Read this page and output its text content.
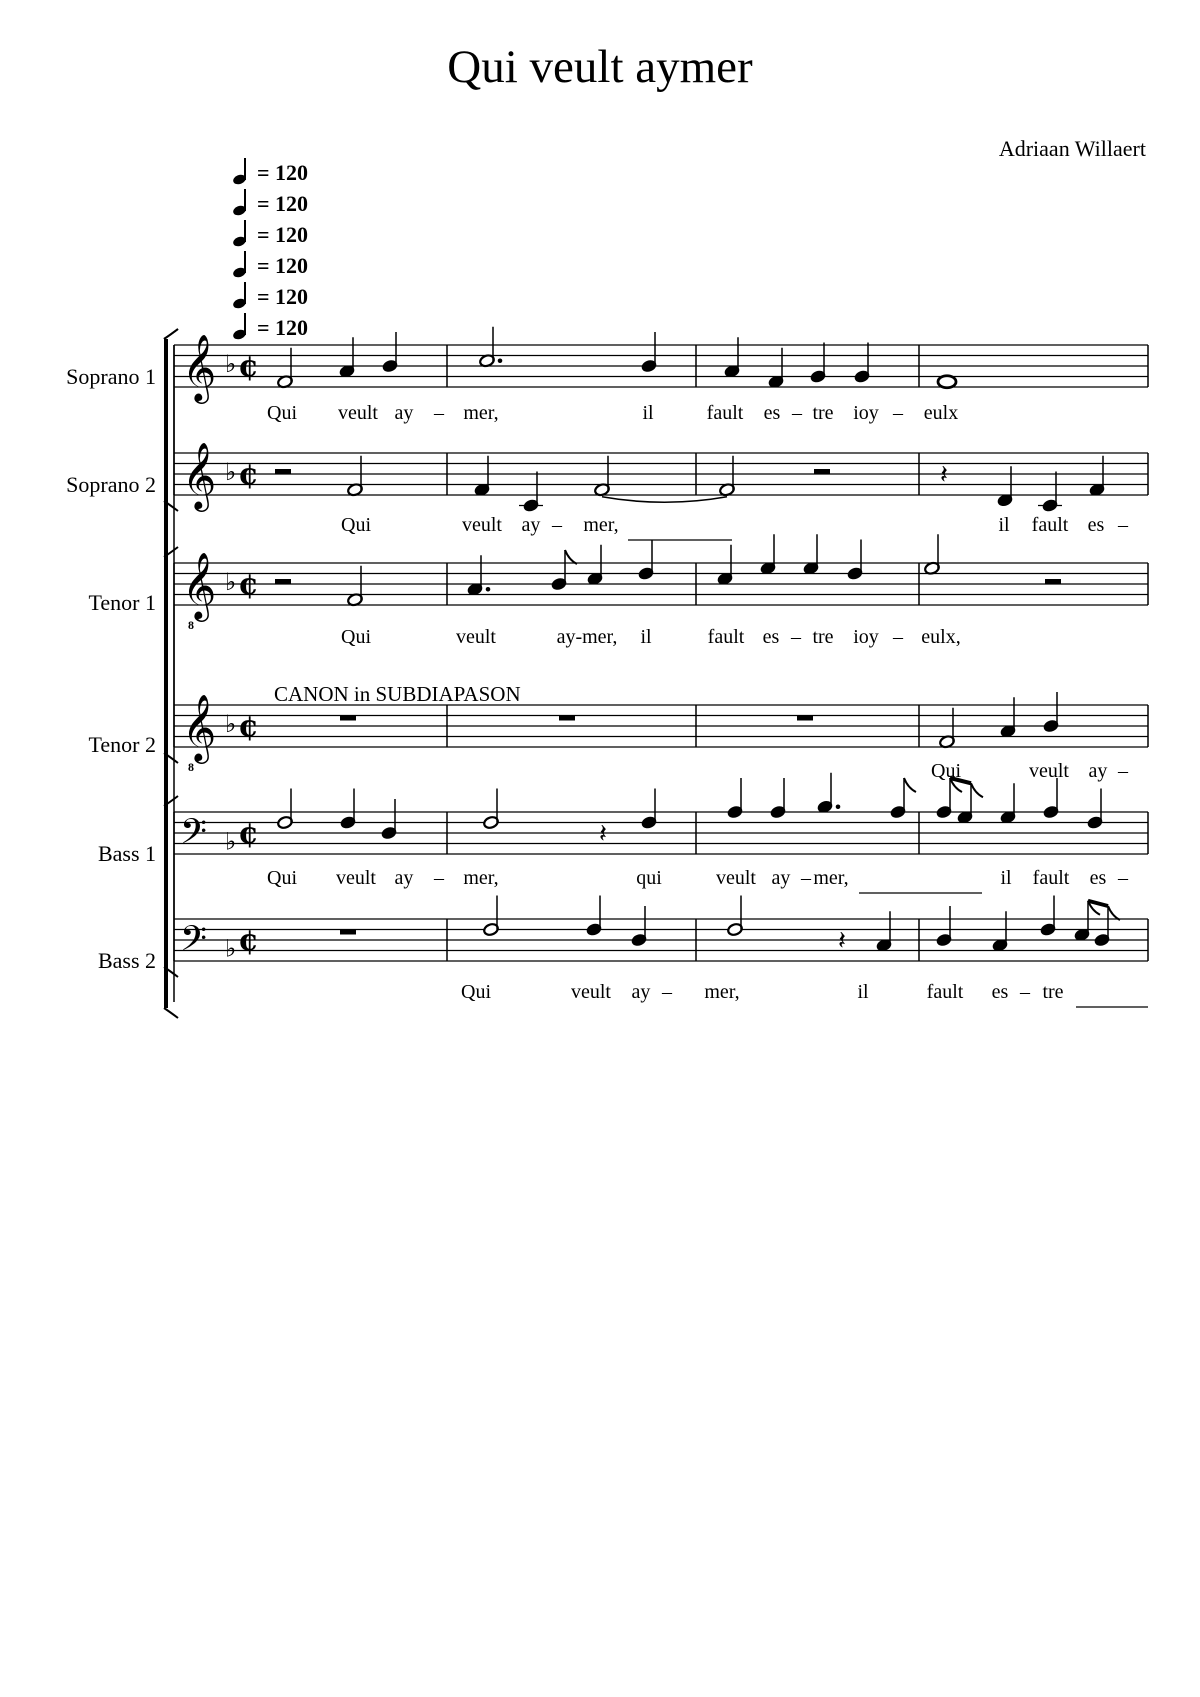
Qui veult aymer
Adriaan Willaert
= 120
= 120
= 120
= 120
= 120
= 120
Soprano 1
Soprano 2
Tenor 1
Tenor 2
Bass 1
Bass 2
CANON in SUBDIAPASON
𝄞 ♭ ¢
𝄞 ♭ ¢
𝄞
8
♭ ¢
𝄞
8
♭ ¢
𝄢 ♭ ¢
𝄢 ♭ ¢
𝄽
𝄽
𝄽
Qui veult ay – mer,	il	fault es – tre ioy – eulx
Qui	veult ay – mer,	il fault es –
Qui	veult	ay-mer, il	fault es – tre ioy – eulx,
Qui	veult ay –
Qui veult ay – mer,	qui	veult ay – mer,	il fault es –
Qui	veult ay – mer,	il	fault es – tre
